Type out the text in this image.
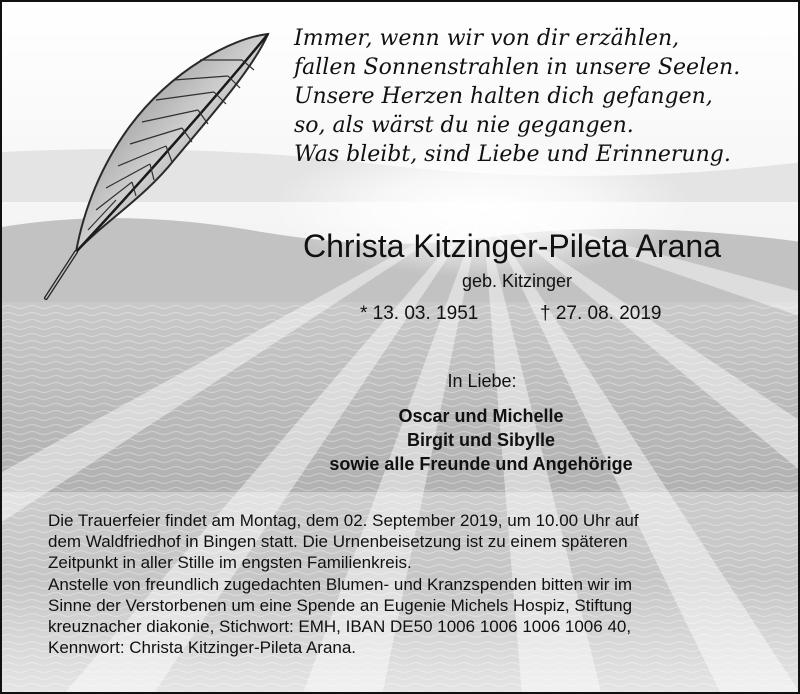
Immer, wenn wir von dir erzählen,
fallen Sonnenstrahlen in unsere Seelen.
Unsere Herzen halten dich gefangen,
so, als wärst du nie gegangen.
Was bleibt, sind Liebe und Erinnerung.
Christa Kitzinger-Pileta Arana
geb. Kitzinger
* 13. 03. 1951	† 27. 08. 2019
In Liebe:
Oscar und Michelle
Birgit und Sibylle
sowie alle Freunde und Angehörige
Die Trauerfeier findet am Montag, dem 02. September 2019, um 10.00 Uhr auf
dem Waldfriedhof in Bingen statt. Die Urnenbeisetzung ist zu einem späteren
Zeitpunkt in aller Stille im engsten Familienkreis.
Anstelle von freundlich zugedachten Blumen- und Kranzspenden bitten wir im
Sinne der Verstorbenen um eine Spende an Eugenie Michels Hospiz, Stiftung
kreuznacher diakonie, Stichwort: EMH, IBAN DE50 1006 1006 1006 1006 40,
Kennwort: Christa Kitzinger-Pileta Arana.
